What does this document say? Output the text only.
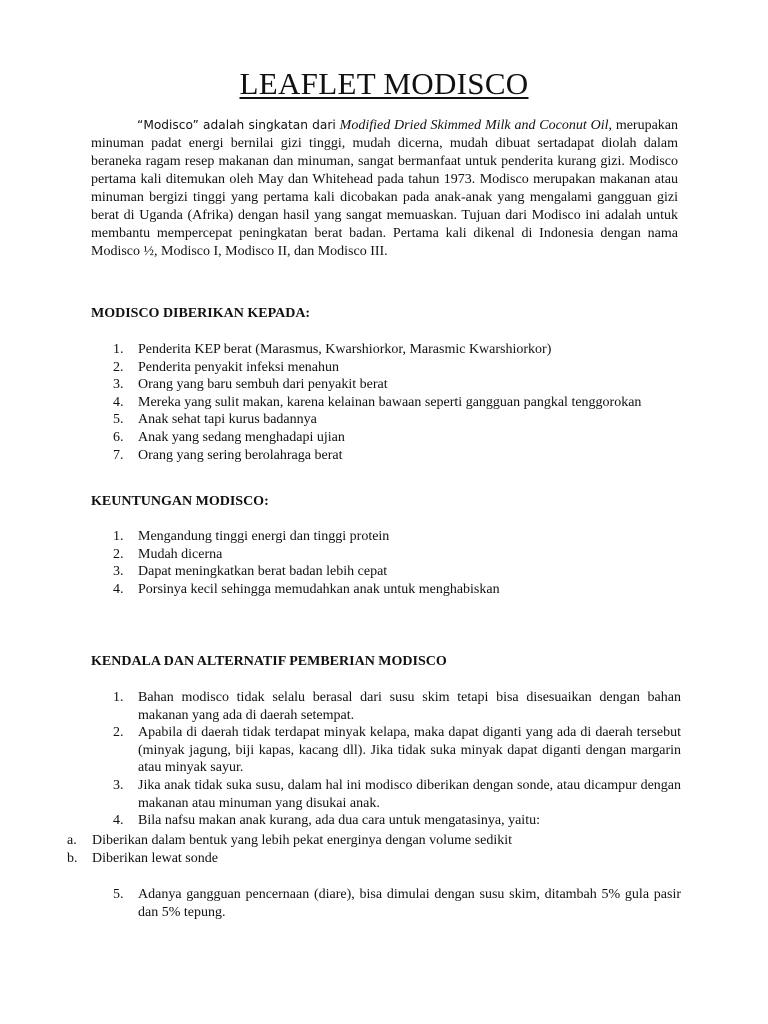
LEAFLET MODISCO

“Modisco” adalah singkatan dari Modified Dried Skimmed Milk and Coconut Oil, merupakan minuman padat energi bernilai gizi tinggi, mudah dicerna, mudah dibuat sertadapat diolah dalam beraneka ragam resep makanan dan minuman, sangat bermanfaat untuk penderita kurang gizi. Modisco pertama kali ditemukan oleh May dan Whitehead pada tahun 1973. Modisco merupakan makanan atau minuman bergizi tinggi yang pertama kali dicobakan pada anak-anak yang mengalami gangguan gizi berat di Uganda (Afrika) dengan hasil yang sangat memuaskan. Tujuan dari Modisco ini adalah untuk membantu mempercepat peningkatan berat badan. Pertama kali dikenal di Indonesia dengan nama Modisco ½, Modisco I, Modisco II, dan Modisco III.

MODISCO DIBERIKAN KEPADA:

1. Penderita KEP berat (Marasmus, Kwarshiorkor, Marasmic Kwarshiorkor)
2. Penderita penyakit infeksi menahun
3. Orang yang baru sembuh dari penyakit berat
4. Mereka yang sulit makan, karena kelainan bawaan seperti gangguan pangkal tenggorokan
5. Anak sehat tapi kurus badannya
6. Anak yang sedang menghadapi ujian
7. Orang yang sering berolahraga berat

KEUNTUNGAN MODISCO:

1. Mengandung tinggi energi dan tinggi protein
2. Mudah dicerna
3. Dapat meningkatkan berat badan lebih cepat
4. Porsinya kecil sehingga memudahkan anak untuk menghabiskan

KENDALA DAN ALTERNATIF PEMBERIAN MODISCO

1. Bahan modisco tidak selalu berasal dari susu skim tetapi bisa disesuaikan dengan bahan makanan yang ada di daerah setempat.
2. Apabila di daerah tidak terdapat minyak kelapa, maka dapat diganti yang ada di daerah tersebut (minyak jagung, biji kapas, kacang dll). Jika tidak suka minyak dapat diganti dengan margarin atau minyak sayur.
3. Jika anak tidak suka susu, dalam hal ini modisco diberikan dengan sonde, atau dicampur dengan makanan atau minuman yang disukai anak.
4. Bila nafsu makan anak kurang, ada dua cara untuk mengatasinya, yaitu:
a. Diberikan dalam bentuk yang lebih pekat energinya dengan volume sedikit
b. Diberikan lewat sonde
5. Adanya gangguan pencernaan (diare), bisa dimulai dengan susu skim, ditambah 5% gula pasir dan 5% tepung.
